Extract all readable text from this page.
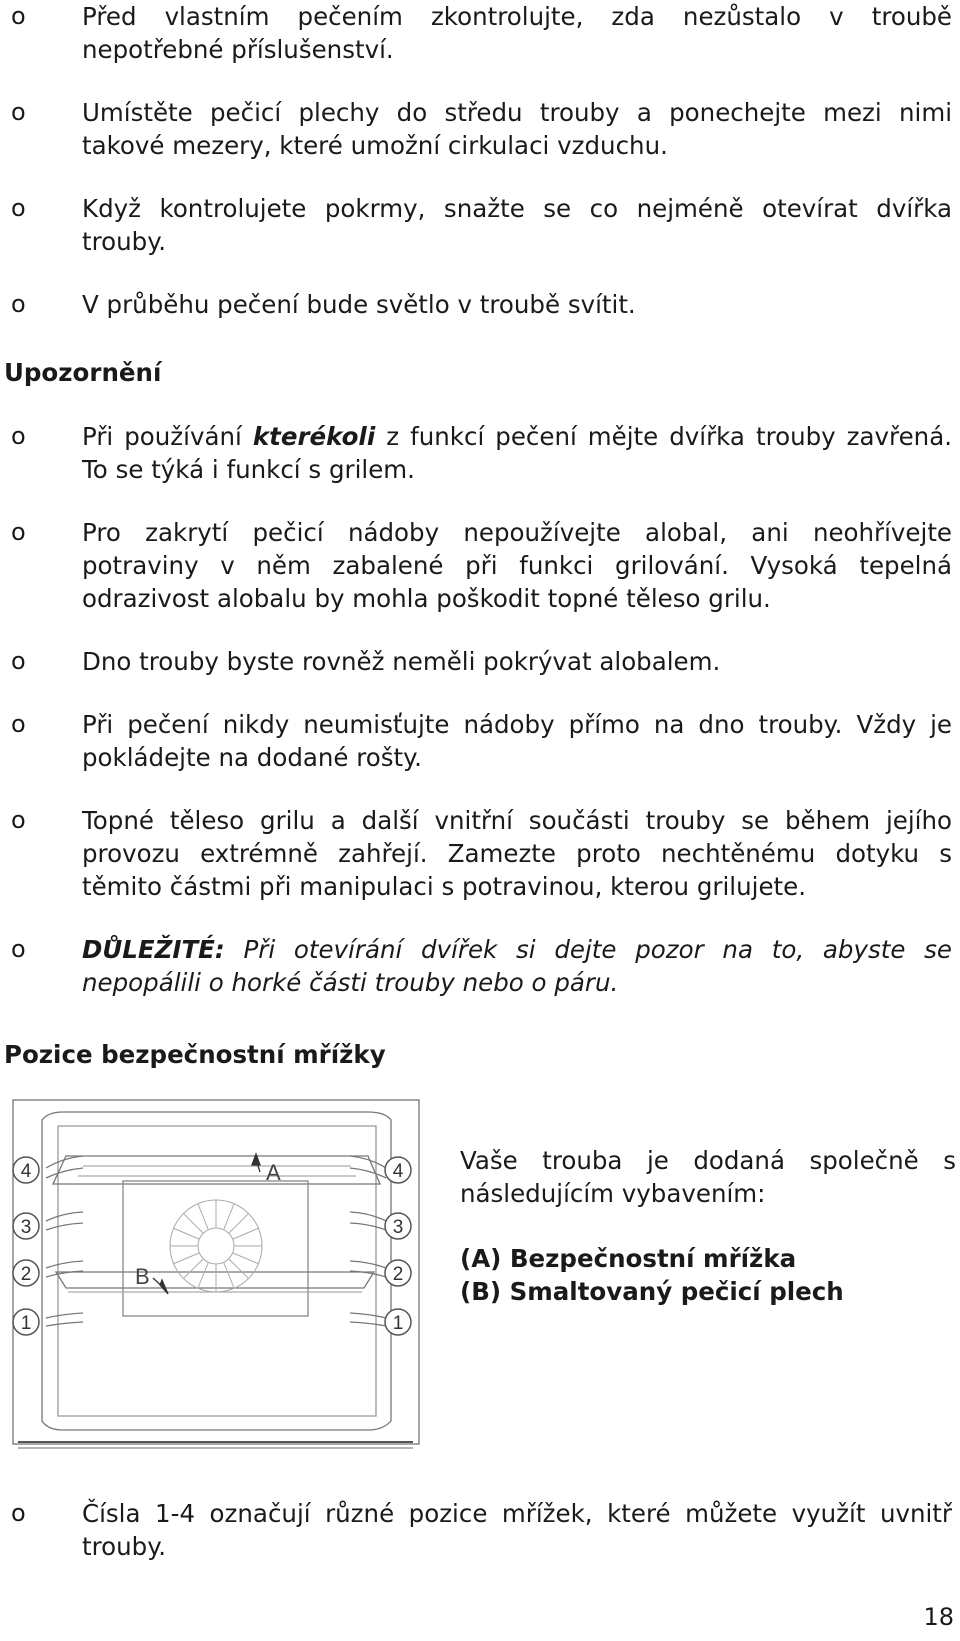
o Před vlastním pečením zkontrolujte, zda nezůstalo v troubě nepotřebné příslušenství.
o Umístěte pečicí plechy do středu trouby a ponechejte mezi nimi takové mezery, které umožní cirkulaci vzduchu.
o Když kontrolujete pokrmy, snažte se co nejméně otevírat dvířka trouby.
o V průběhu pečení bude světlo v troubě svítit.
Upozornění
o Při používání kterékoli z funkcí pečení mějte dvířka trouby zavřená. To se týká i funkcí s grilem.
o Pro zakrytí pečicí nádoby nepoužívejte alobal, ani neohřívejte potraviny v něm zabalené při funkci grilování. Vysoká tepelná odrazivost alobalu by mohla poškodit topné těleso grilu.
o Dno trouby byste rovněž neměli pokrývat alobalem.
o Při pečení nikdy neumisťujte nádoby přímo na dno trouby. Vždy je pokládejte na dodané rošty.
o Topné těleso grilu a další vnitřní součásti trouby se během jejího provozu extrémně zahřejí. Zamezte proto nechtěnému dotyku s těmito částmi při manipulaci s potravinou, kterou grilujete.
o DŮLEŽITÉ: Při otevírání dvířek si dejte pozor na to, abyste se nepopálili o horké části trouby nebo o páru.
Pozice bezpečnostní mřížky
A
B
4
3
2
1
4
3
2
1

Vaše trouba je dodaná společně s následujícím vybavením:

(A) Bezpečnostní mřížka

(B) Smaltovaný pečicí plech

o Čísla 1-4 označují různé pozice mřížek, které můžete využít uvnitř trouby.
18
